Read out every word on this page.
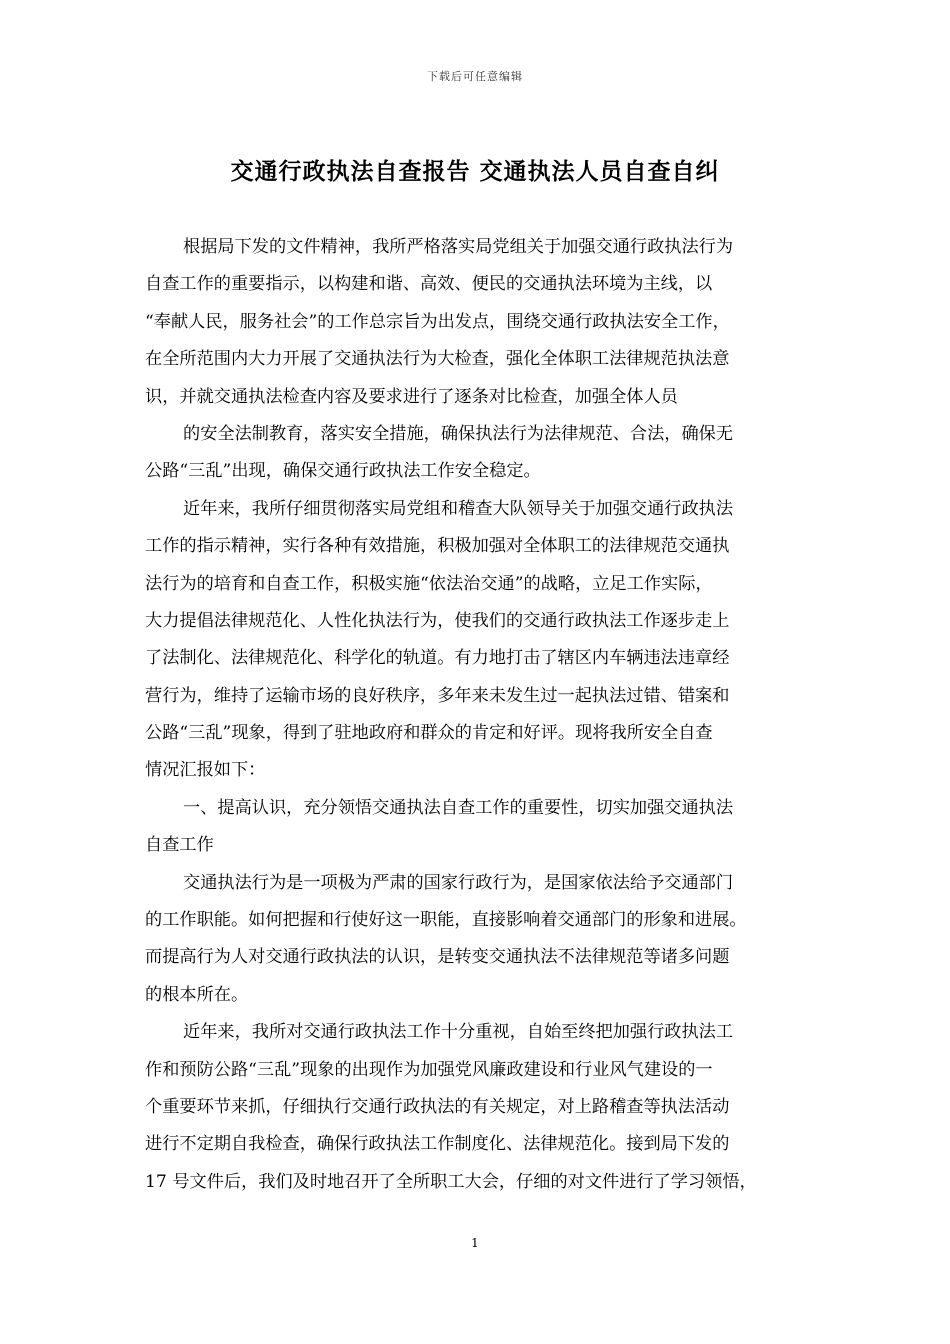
下载后可任意编辑
交通行政执法自查报告 交通执法人员自查自纠
根据局下发的文件精神，我所严格落实局党组关于加强交通行政执法行为
自查工作的重要指示，以构建和谐、高效、便民的交通执法环境为主线，以
“奉献人民，服务社会”的工作总宗旨为出发点，围绕交通行政执法安全工作，
在全所范围内大力开展了交通执法行为大检查，强化全体职工法律规范执法意
识，并就交通执法检查内容及要求进行了逐条对比检查，加强全体人员
的安全法制教育，落实安全措施，确保执法行为法律规范、合法，确保无
公路“三乱”出现，确保交通行政执法工作安全稳定。
近年来，我所仔细贯彻落实局党组和稽查大队领导关于加强交通行政执法
工作的指示精神，实行各种有效措施，积极加强对全体职工的法律规范交通执
法行为的培育和自查工作，积极实施“依法治交通”的战略，立足工作实际，
大力提倡法律规范化、人性化执法行为，使我们的交通行政执法工作逐步走上
了法制化、法律规范化、科学化的轨道。有力地打击了辖区内车辆违法违章经
营行为，维持了运输市场的良好秩序，多年来未发生过一起执法过错、错案和
公路“三乱”现象，得到了驻地政府和群众的肯定和好评。现将我所安全自查
情况汇报如下：
一、提高认识，充分领悟交通执法自查工作的重要性，切实加强交通执法
自查工作
交通执法行为是一项极为严肃的国家行政行为，是国家依法给予交通部门
的工作职能。如何把握和行使好这一职能，直接影响着交通部门的形象和进展。
而提高行为人对交通行政执法的认识，是转变交通执法不法律规范等诸多问题
的根本所在。
近年来，我所对交通行政执法工作十分重视，自始至终把加强行政执法工
作和预防公路“三乱”现象的出现作为加强党风廉政建设和行业风气建设的一
个重要环节来抓，仔细执行交通行政执法的有关规定，对上路稽查等执法活动
进行不定期自我检查，确保行政执法工作制度化、法律规范化。接到局下发的
17 号文件后，我们及时地召开了全所职工大会，仔细的对文件进行了学习领悟，
1
